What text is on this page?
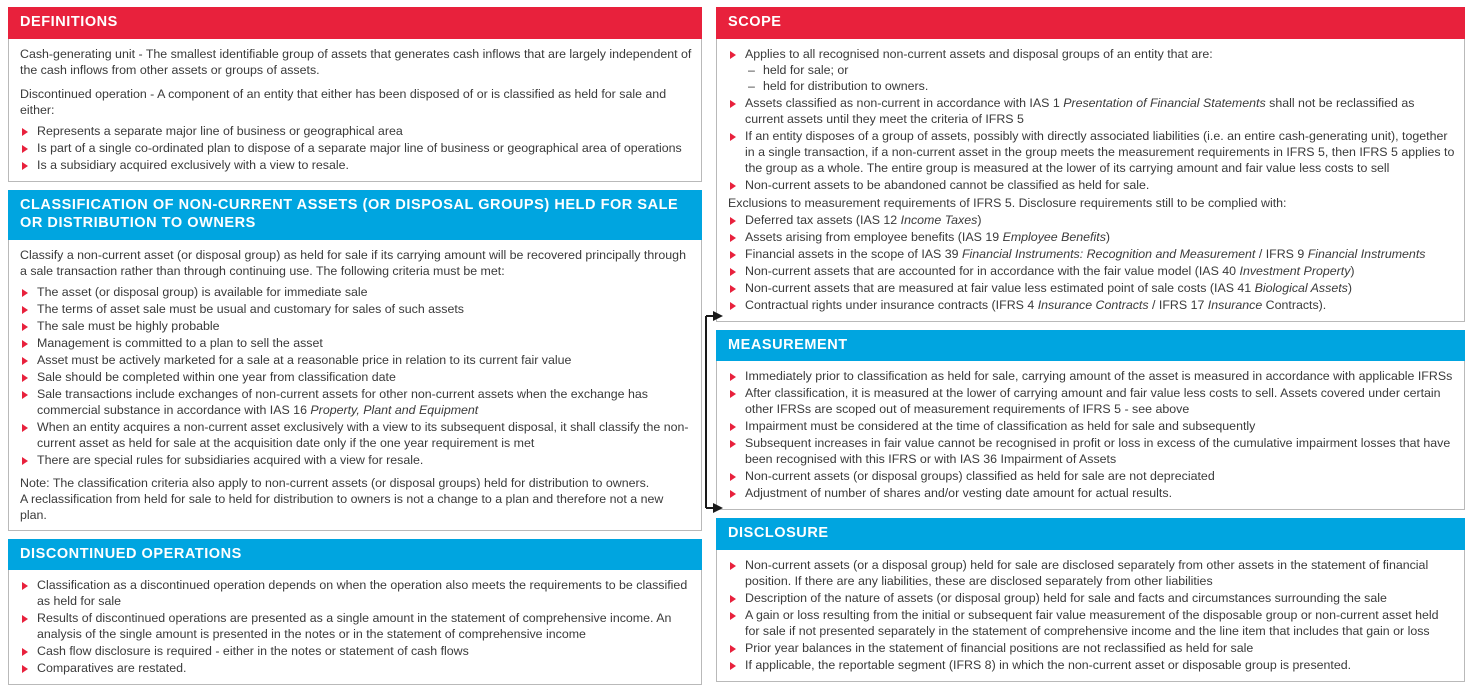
DEFINITIONS

Cash-generating unit - The smallest identifiable group of assets that generates cash inflows that are largely independent of the cash inflows from other assets or groups of assets.

Discontinued operation - A component of an entity that either has been disposed of or is classified as held for sale and either:

Represents a separate major line of business or geographical area
Is part of a single co-ordinated plan to dispose of a separate major line of business or geographical area of operations
Is a subsidiary acquired exclusively with a view to resale.
CLASSIFICATION OF NON-CURRENT ASSETS (OR DISPOSAL GROUPS) HELD FOR SALE OR DISTRIBUTION TO OWNERS

Classify a non-current asset (or disposal group) as held for sale if its carrying amount will be recovered principally through a sale transaction rather than through continuing use. The following criteria must be met:

The asset (or disposal group) is available for immediate sale
The terms of asset sale must be usual and customary for sales of such assets
The sale must be highly probable
Management is committed to a plan to sell the asset
Asset must be actively marketed for a sale at a reasonable price in relation to its current fair value
Sale should be completed within one year from classification date
Sale transactions include exchanges of non-current assets for other non-current assets when the exchange has commercial substance in accordance with IAS 16 Property, Plant and Equipment
When an entity acquires a non-current asset exclusively with a view to its subsequent disposal, it shall classify the non-current asset as held for sale at the acquisition date only if the one year requirement is met
There are special rules for subsidiaries acquired with a view for resale.

Note: The classification criteria also apply to non-current assets (or disposal groups) held for distribution to owners.

A reclassification from held for sale to held for distribution to owners is not a change to a plan and therefore not a new plan.

DISCONTINUED OPERATIONS
Classification as a discontinued operation depends on when the operation also meets the requirements to be classified as held for sale
Results of discontinued operations are presented as a single amount in the statement of comprehensive income. An analysis of the single amount is presented in the notes or in the statement of comprehensive income
Cash flow disclosure is required - either in the notes or statement of cash flows
Comparatives are restated.
SCOPE
Applies to all recognised non-current assets and disposal groups of an entity that are:
– held for sale; or
– held for distribution to owners.
Assets classified as non-current in accordance with IAS 1 Presentation of Financial Statements shall not be reclassified as current assets until they meet the criteria of IFRS 5
If an entity disposes of a group of assets, possibly with directly associated liabilities (i.e. an entire cash-generating unit), together in a single transaction, if a non-current asset in the group meets the measurement requirements in IFRS 5, then IFRS 5 applies to the group as a whole. The entire group is measured at the lower of its carrying amount and fair value less costs to sell
Non-current assets to be abandoned cannot be classified as held for sale.

Exclusions to measurement requirements of IFRS 5. Disclosure requirements still to be complied with:

Deferred tax assets (IAS 12 Income Taxes)
Assets arising from employee benefits (IAS 19 Employee Benefits)
Financial assets in the scope of IAS 39 Financial Instruments: Recognition and Measurement / IFRS 9 Financial Instruments
Non-current assets that are accounted for in accordance with the fair value model (IAS 40 Investment Property)
Non-current assets that are measured at fair value less estimated point of sale costs (IAS 41 Biological Assets)
Contractual rights under insurance contracts (IFRS 4 Insurance Contracts / IFRS 17 Insurance Contracts).
MEASUREMENT
Immediately prior to classification as held for sale, carrying amount of the asset is measured in accordance with applicable IFRSs
After classification, it is measured at the lower of carrying amount and fair value less costs to sell. Assets covered under certain other IFRSs are scoped out of measurement requirements of IFRS 5 - see above
Impairment must be considered at the time of classification as held for sale and subsequently
Subsequent increases in fair value cannot be recognised in profit or loss in excess of the cumulative impairment losses that have been recognised with this IFRS or with IAS 36 Impairment of Assets
Non-current assets (or disposal groups) classified as held for sale are not depreciated
Adjustment of number of shares and/or vesting date amount for actual results.
DISCLOSURE
Non-current assets (or a disposal group) held for sale are disclosed separately from other assets in the statement of financial position. If there are any liabilities, these are disclosed separately from other liabilities
Description of the nature of assets (or disposal group) held for sale and facts and circumstances surrounding the sale
A gain or loss resulting from the initial or subsequent fair value measurement of the disposable group or non-current asset held for sale if not presented separately in the statement of comprehensive income and the line item that includes that gain or loss
Prior year balances in the statement of financial positions are not reclassified as held for sale
If applicable, the reportable segment (IFRS 8) in which the non-current asset or disposable group is presented.
